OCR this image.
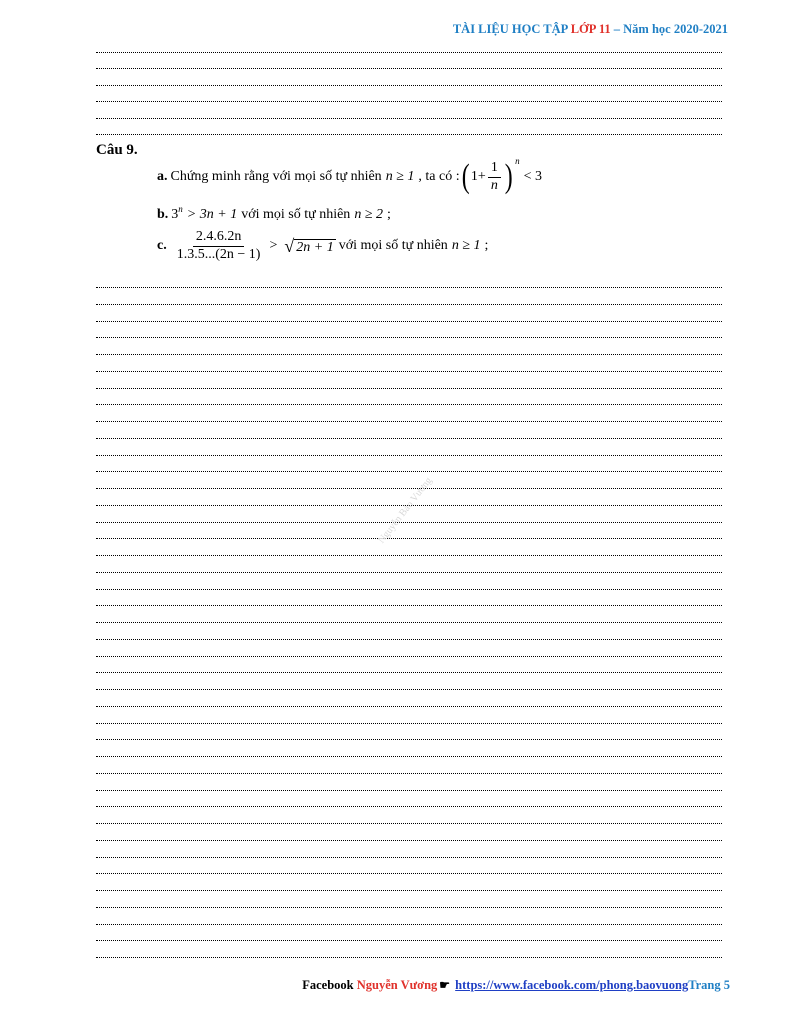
TÀI LIỆU HỌC TẬP LỚP 11 – Năm học 2020-2021
Câu 9.
a. Chứng minh rằng với mọi số tự nhiên n ≥ 1 , ta có : ( $1 + \frac{1}{n}$ ) n
< 3
b. 3 n > 3n + 1 với mọi số tự nhiên n ≥ 2 ;
c. $\frac{2.4.6.2n}{1.3.5...(2n - 1)}$ > √ 2n + 1 với mọi số tự nhiên n ≥ 1 ;
Nguyễn Bảo Vương
Facebook Nguyễn Vương ☛ https://www.facebook.com/phong.baovuongTrang 5
